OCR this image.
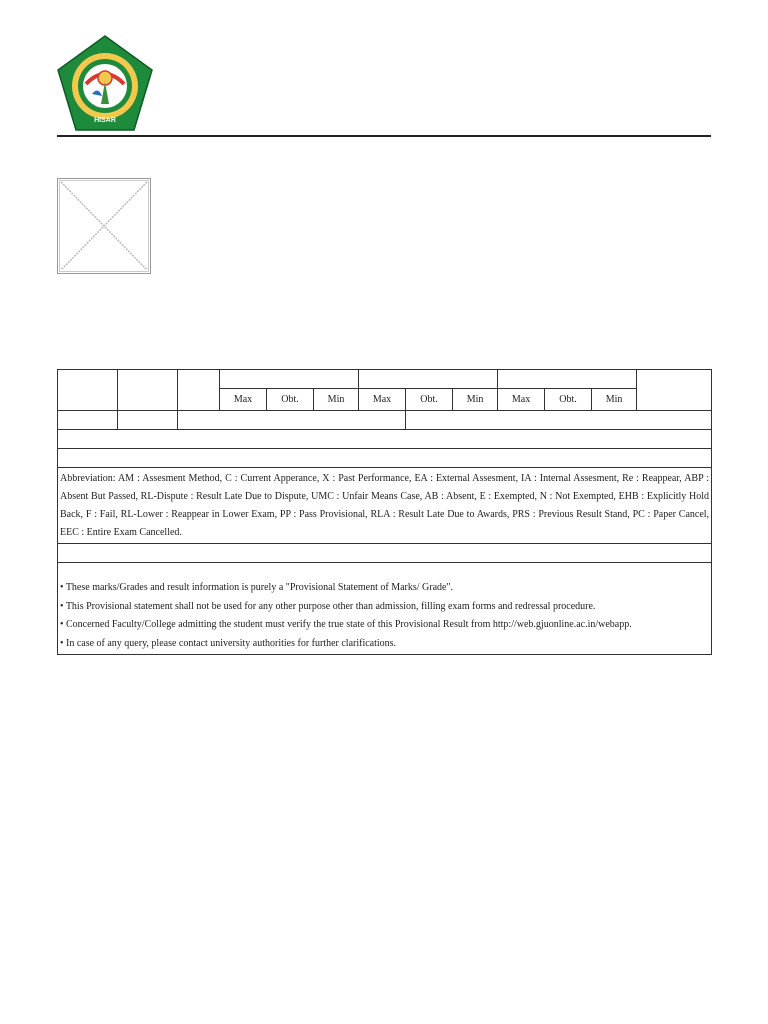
HISAR

			Max	Obt.	Min	Max	Obt.	Min	Max	Obt.	Min	

Abbreviation: AM : Assesment Method, C : Current Apperance, X : Past Performance, EA : External Assesment, IA : Internal Assesment, Re : Reappear, ABP : Absent But Passed, RL-Dispute : Result Late Due to Dispute, UMC : Unfair Means Case, AB : Absent, E : Exempted, N : Not Exempted, EHB : Explicitly Hold Back, F : Fail, RL-Lower : Reappear in Lower Exam, PP : Pass Provisional, RLA : Result Late Due to Awards, PRS : Previous Result Stand, PC : Paper Cancel, EEC : Entire Exam Cancelled.												

• These marks/Grades and result information is purely a "Provisional Statement of Marks/ Grade".
• This Provisional statement shall not be used for any other purpose other than admission, filling exam forms and redressal procedure.
• Concerned Faculty/College admitting the student must verify the true state of this Provisional Result from http://web.gjuonline.ac.in/webapp.
• In case of any query, please contact university authorities for further clarifications.												
